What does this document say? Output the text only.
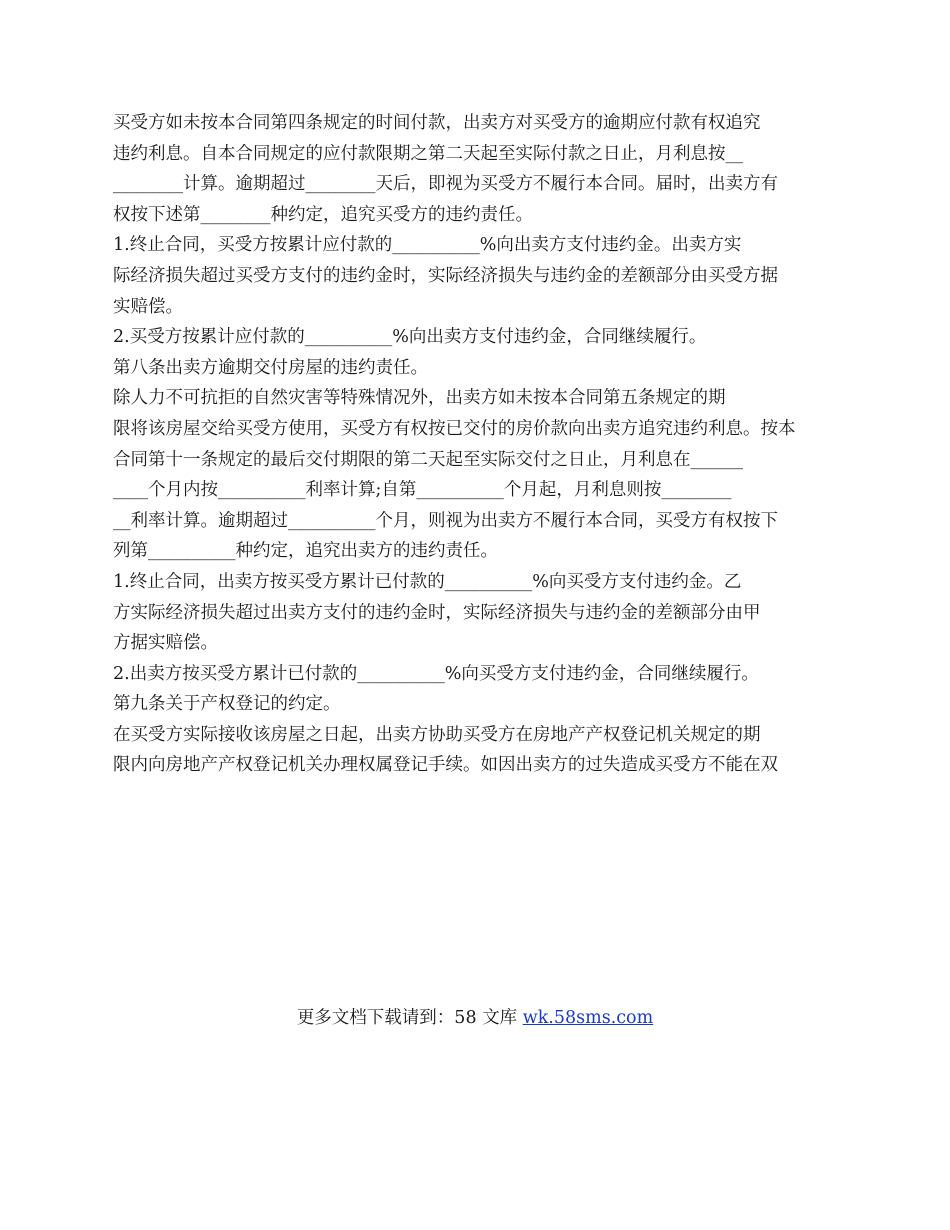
买受方如未按本合同第四条规定的时间付款，出卖方对买受方的逾期应付款有权追究
违约利息。自本合同规定的应付款限期之第二天起至实际付款之日止，月利息按__
________计算。逾期超过________天后，即视为买受方不履行本合同。届时，出卖方有
权按下述第________种约定，追究买受方的违约责任。
1.终止合同，买受方按累计应付款的__________%向出卖方支付违约金。出卖方实
际经济损失超过买受方支付的违约金时，实际经济损失与违约金的差额部分由买受方据
实赔偿。
2.买受方按累计应付款的__________%向出卖方支付违约金，合同继续履行。
第八条出卖方逾期交付房屋的违约责任。
除人力不可抗拒的自然灾害等特殊情况外，出卖方如未按本合同第五条规定的期
限将该房屋交给买受方使用，买受方有权按已交付的房价款向出卖方追究违约利息。按本
合同第十一条规定的最后交付期限的第二天起至实际交付之日止，月利息在______
____个月内按__________利率计算;自第__________个月起，月利息则按________
__利率计算。逾期超过__________个月，则视为出卖方不履行本合同，买受方有权按下
列第__________种约定，追究出卖方的违约责任。
1.终止合同，出卖方按买受方累计已付款的__________%向买受方支付违约金。乙
方实际经济损失超过出卖方支付的违约金时，实际经济损失与违约金的差额部分由甲
方据实赔偿。
2.出卖方按买受方累计已付款的__________%向买受方支付违约金，合同继续履行。
第九条关于产权登记的约定。
在买受方实际接收该房屋之日起，出卖方协助买受方在房地产产权登记机关规定的期
限内向房地产产权登记机关办理权属登记手续。如因出卖方的过失造成买受方不能在双
更多文档下载请到：58 文库 wk.58sms.com
